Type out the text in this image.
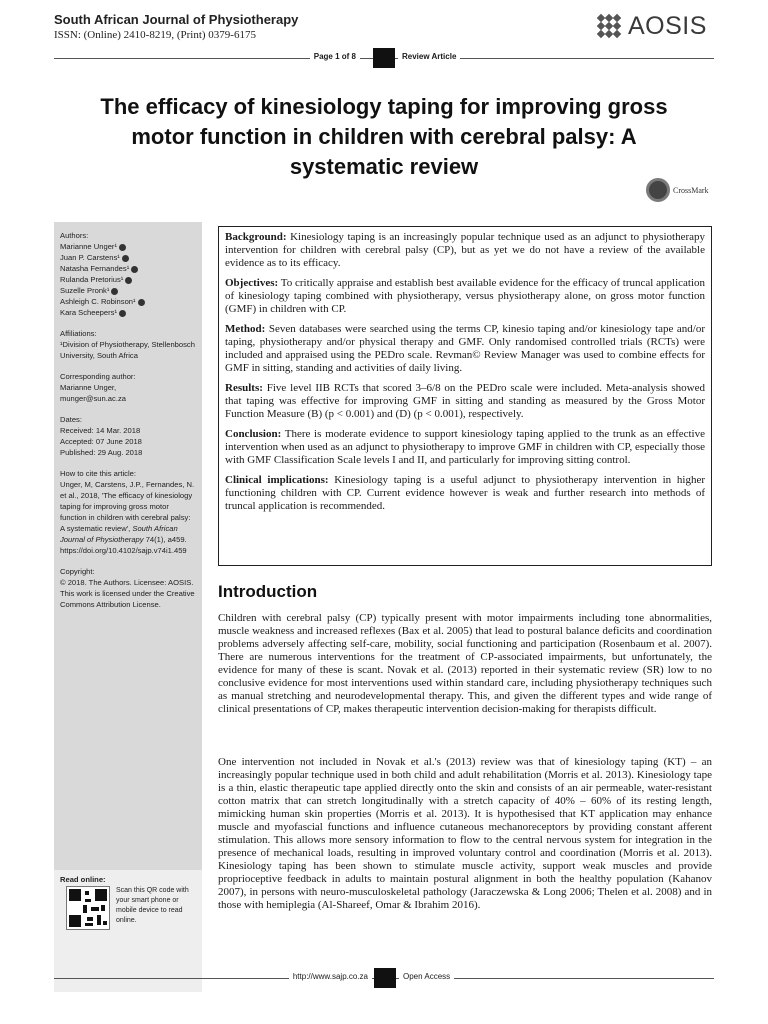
South African Journal of Physiotherapy
ISSN: (Online) 2410-8219, (Print) 0379-6175	AOSIS
Page 1 of 8	Review Article
The efficacy of kinesiology taping for improving gross motor function in children with cerebral palsy: A systematic review
CrossMark
Authors:
Marianne Unger¹
Juan P. Carstens¹
Natasha Fernandes¹
Rulanda Pretorius¹
Suzelle Pronk¹
Ashleigh C. Robinson¹
Kara Scheepers¹
Affiliations:
¹Division of Physiotherapy, Stellenbosch University, South Africa
Corresponding author:
Marianne Unger,
munger@sun.ac.za
Dates:
Received: 14 Mar. 2018
Accepted: 07 June 2018
Published: 29 Aug. 2018
How to cite this article:
Unger, M, Carstens, J.P., Fernandes, N. et al., 2018, 'The efficacy of kinesiology taping for improving gross motor function in children with cerebral palsy: A systematic review', South African Journal of Physiotherapy 74(1), a459. https://doi.org/10.4102/sajp.v74i1.459
Copyright:
© 2018. The Authors. Licensee: AOSIS. This work is licensed under the Creative Commons Attribution License.
Read online:
Scan this QR code with your smart phone or mobile device to read online.

Background: Kinesiology taping is an increasingly popular technique used as an adjunct to physiotherapy intervention for children with cerebral palsy (CP), but as yet we do not have a review of the available evidence as to its efficacy.

Objectives: To critically appraise and establish best available evidence for the efficacy of truncal application of kinesiology taping combined with physiotherapy, versus physiotherapy alone, on gross motor function (GMF) in children with CP.

Method: Seven databases were searched using the terms CP, kinesio taping and/or kinesiology tape and/or taping, physiotherapy and/or physical therapy and GMF. Only randomised controlled trials (RCTs) were included and appraised using the PEDro scale. Revman© Review Manager was used to combine effects for GMF in sitting, standing and activities of daily living.

Results: Five level IIB RCTs that scored 3–6/8 on the PEDro scale were included. Meta-analysis showed that taping was effective for improving GMF in sitting and standing as measured by the Gross Motor Function Measure (B) (p < 0.001) and (D) (p < 0.001), respectively.

Conclusion: There is moderate evidence to support kinesiology taping applied to the trunk as an effective intervention when used as an adjunct to physiotherapy to improve GMF in children with CP, especially those with GMF Classification Scale levels I and II, and particularly for improving sitting control.

Clinical implications: Kinesiology taping is a useful adjunct to physiotherapy intervention in higher functioning children with CP. Current evidence however is weak and further research into methods of truncal application is recommended.

Introduction

Children with cerebral palsy (CP) typically present with motor impairments including tone abnormalities, muscle weakness and increased reflexes (Bax et al. 2005) that lead to postural balance deficits and coordination problems adversely affecting self-care, mobility, social functioning and participation (Rosenbaum et al. 2007). There are numerous interventions for the treatment of CP-associated impairments, but unfortunately, the evidence for many of these is scant. Novak et al. (2013) reported in their systematic review (SR) low to no conclusive evidence for most interventions used within standard care, including physiotherapy techniques such as manual stretching and neurodevelopmental therapy. This, and given the different types and wide range of clinical presentations of CP, makes therapeutic intervention decision-making for therapists difficult.

One intervention not included in Novak et al.'s (2013) review was that of kinesiology taping (KT) – an increasingly popular technique used in both child and adult rehabilitation (Morris et al. 2013). Kinesiology tape is a thin, elastic therapeutic tape applied directly onto the skin and consists of an air permeable, water-resistant cotton matrix that can stretch longitudinally with a stretch capacity of 40% – 60% of its resting length, mimicking human skin properties (Morris et al. 2013). It is hypothesised that KT application may enhance muscle and myofascial functions and influence cutaneous mechanoreceptors by providing constant afferent stimulation. This allows more sensory information to flow to the central nervous system for integration in the presence of mechanical loads, resulting in improved voluntary control and coordination (Morris et al. 2013). Kinesiology taping has been shown to stimulate muscle activity, support weak muscles and provide proprioceptive feedback in adults to maintain postural alignment in both the healthy population (Kahanov 2007), in persons with neuro-musculoskeletal pathology (Jaraczewska & Long 2006; Thelen et al. 2008) and in those with hemiplegia (Al-Shareef, Omar & Ibrahim 2016).

http://www.sajp.co.za	Open Access
